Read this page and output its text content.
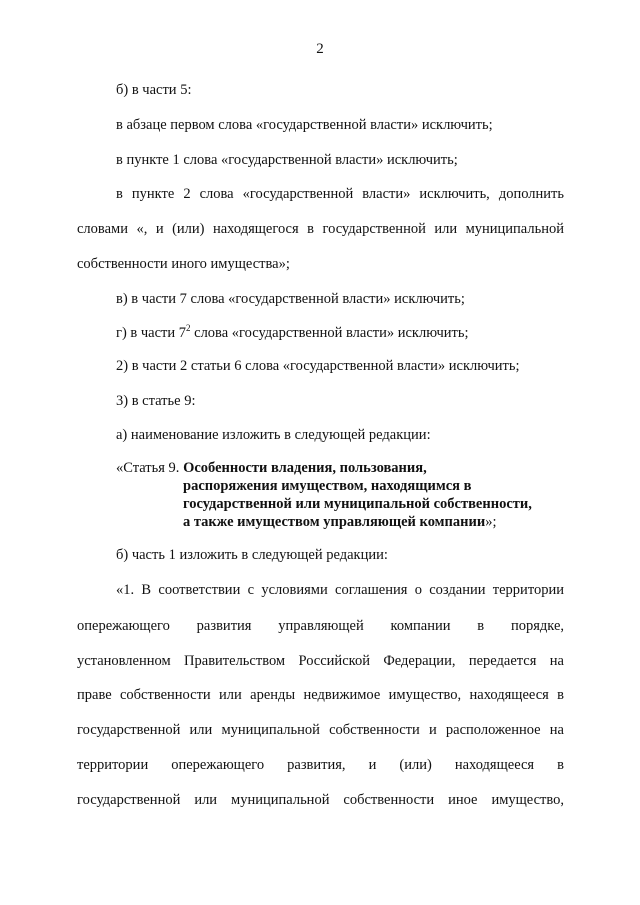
2
б) в части 5:
в абзаце первом слова «государственной власти» исключить;
в пункте 1 слова «государственной власти» исключить;
в пункте 2 слова «государственной власти» исключить, дополнить
словами «, и (или) находящегося в государственной или муниципальной
собственности иного имущества»;
в) в части 7 слова «государственной власти» исключить;
г) в части $7^2$ слова «государственной власти» исключить;
2) в части 2 статьи 6 слова «государственной власти» исключить;
3) в статье 9:
а) наименование изложить в следующей редакции:
«Статья 9. Особенности владения, пользования,
распоряжения имуществом, находящимся в
государственной или муниципальной собственности,
а также имуществом управляющей компании»;
б) часть 1 изложить в следующей редакции:
«1. В соответствии с условиями соглашения о создании территории
опережающего развития управляющей компании в порядке,
установленном Правительством Российской Федерации, передается на
праве собственности или аренды недвижимое имущество, находящееся в
государственной или муниципальной собственности и расположенное на
территории опережающего развития, и (или) находящееся в
государственной или муниципальной собственности иное имущество,
